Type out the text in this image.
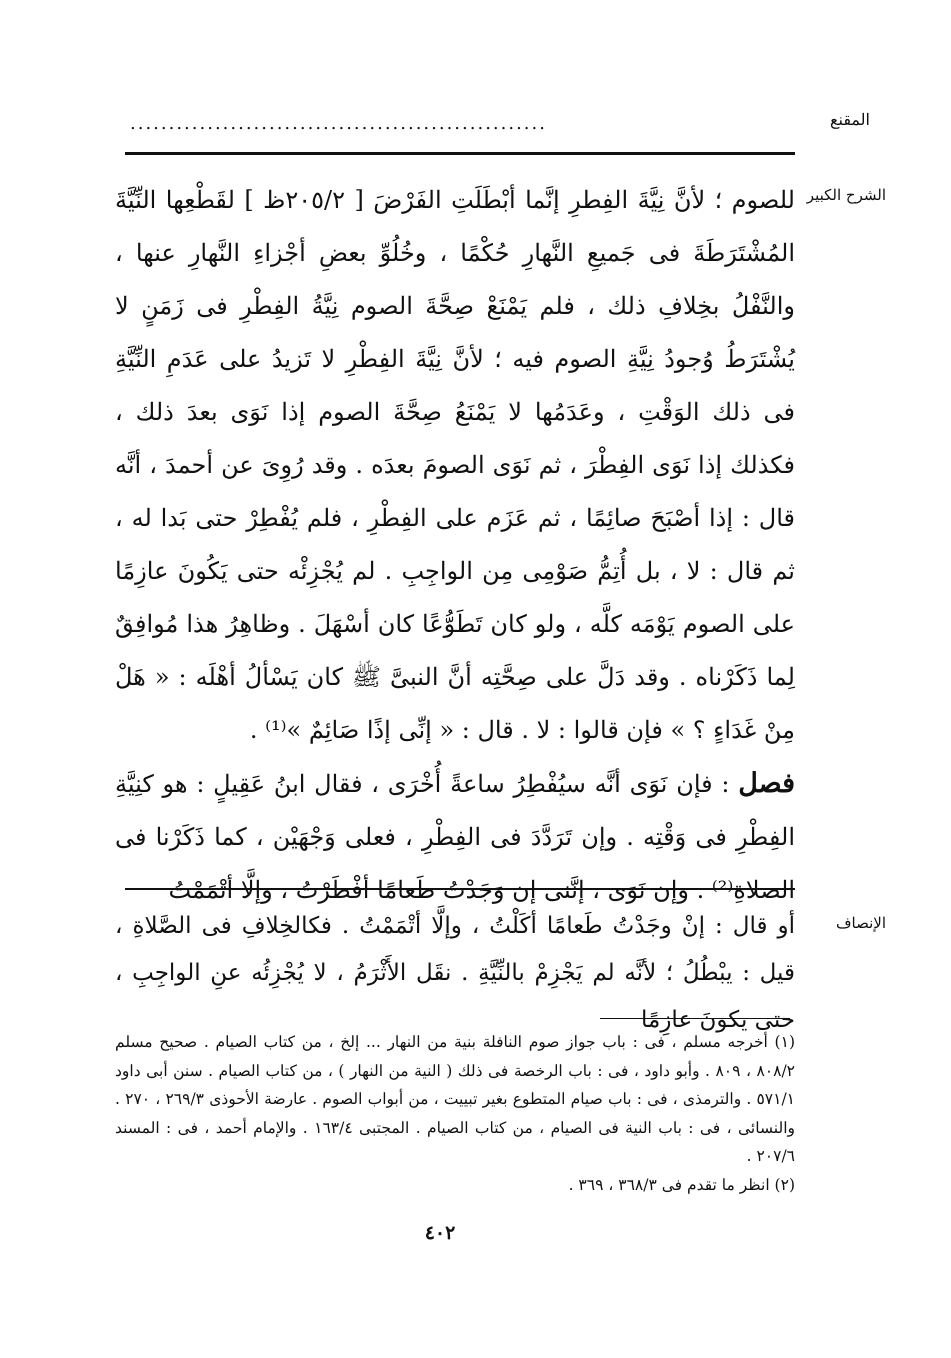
المقنع
......................................................
الشرح الكبير

للصوم ؛ لأنَّ نِيَّةَ الفِطرِ إنَّما أبْطَلَتِ الفَرْضَ [ ٢٠٥/٢ظ ] لقَطْعِها النِّيَّةَ المُشْتَرَطَةَ فى جَميعِ النَّهارِ حُكْمًا ، وخُلُوِّ بعضِ أجْزاءِ النَّهارِ عنها ، والنَّفْلُ بخِلافِ ذلك ، فلم يَمْنَعْ صِحَّةَ الصوم نِيَّةُ الفِطْرِ فى زَمَنٍ لا يُشْتَرَطُ وُجودُ نِيَّةِ الصوم فيه ؛ لأنَّ نِيَّةَ الفِطْرِ لا تَزيدُ على عَدَمِ النِّيَّةِ فى ذلك الوَقْتِ ، وعَدَمُها لا يَمْنَعُ صِحَّةَ الصوم إذا نَوَى بعدَ ذلك ، فكذلك إذا نَوَى الفِطْرَ ، ثم نَوَى الصومَ بعدَه . وقد رُوِىَ عن أحمدَ ، أنَّه قال : إذا أصْبَحَ صائِمًا ، ثم عَزَم على الفِطْرِ ، فلم يُفْطِرْ حتى بَدا له ، ثم قال : لا ، بل أُتِمُّ صَوْمِى مِن الواجِبِ . لم يُجْزِئْه حتى يَكُونَ عازِمًا على الصوم يَوْمَه كلَّه ، ولو كان تَطَوُّعًا كان أسْهَلَ . وظاهِرُ هذا مُوافِقٌ لِما ذَكَرْناه . وقد دَلَّ على صِحَّتِه أنَّ النبىَّ ﷺ كان يَسْألُ أهْلَه : « هَلْ مِنْ غَدَاءٍ ؟ » فإن قالوا : لا . قال : « إنِّى إذًا صَائِمٌ »⁽¹⁾ .

فصل : فإن نَوَى أنَّه سيُفْطِرُ ساعةً أُخْرَى ، فقال ابنُ عَقِيلٍ : هو كنِيَّةِ الفِطْرِ فى وَقْتِه . وإن تَرَدَّدَ فى الفِطْرِ ، فعلى وَجْهَيْن ، كما ذَكَرْنا فى الصلاةِ⁽²⁾ . وإن نَوَى ، إنَّنى إن وَجَدْتُ طَعامًا أفْطَرْتُ ، وإلَّا أتْمَمْتُ

الإنصاف

أو قال : إنْ وجَدْتُ طَعامًا أكَلْتُ ، وإلَّا أتْمَمْتُ . فكالخِلافِ فى الصَّلاةِ ، قيل : يبْطُلُ ؛ لأنَّه لم يَجْزِمْ بالنِّيَّةِ . نقَل الأَثْرَمُ ، لا يُجْزِئُه عنِ الواجِبِ ، حتى يكونَ عازِمًا

(١) أخرجه مسلم ، فى : باب جواز صوم النافلة بنية من النهار ... إلخ ، من كتاب الصيام . صحيح مسلم ٨٠٨/٢ ، ٨٠٩ . وأبو داود ، فى : باب الرخصة فى ذلك ( النية من النهار ) ، من كتاب الصيام . سنن أبى داود ٥٧١/١ . والترمذى ، فى : باب صيام المتطوع بغير تبييت ، من أبواب الصوم . عارضة الأحوذى ٢٦٩/٣ ، ٢٧٠ . والنسائى ، فى : باب النية فى الصيام ، من كتاب الصيام . المجتبى ١٦٣/٤ . والإمام أحمد ، فى : المسند ٢٠٧/٦ .

(٢) انظر ما تقدم فى ٣٦٨/٣ ، ٣٦٩ .

٤٠٢
